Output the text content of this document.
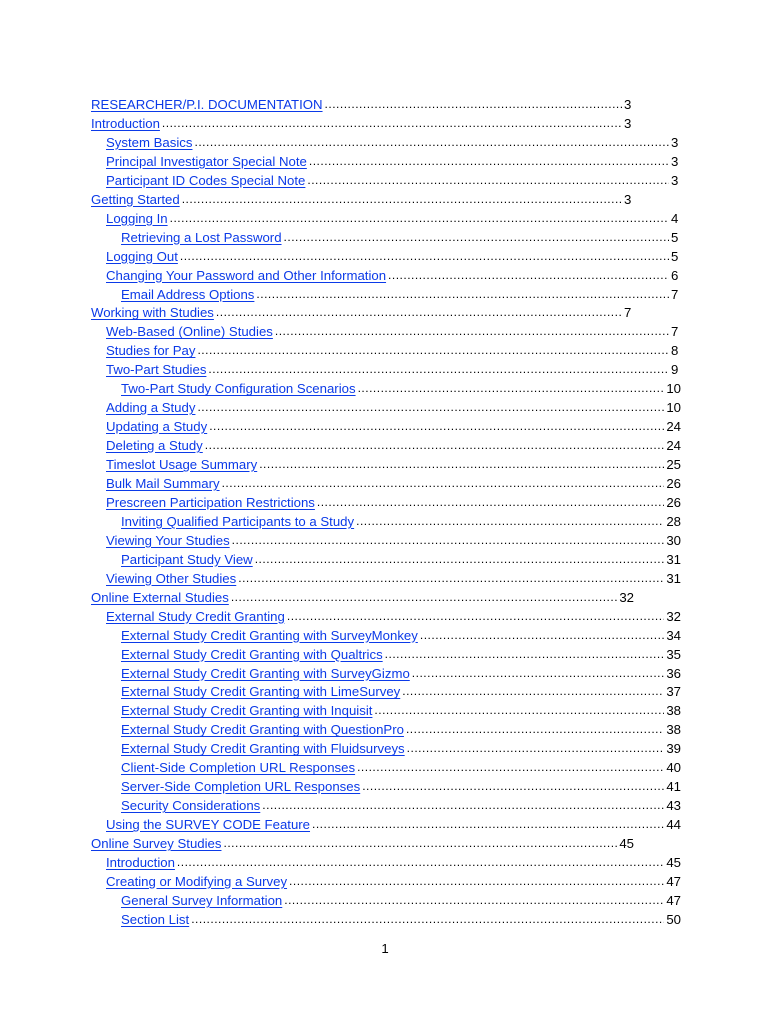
RESEARCHER/P.I. DOCUMENTATION .....	3
Introduction .....	3
System Basics .....	3
Principal Investigator Special Note .....	3
Participant ID Codes Special Note .....	3
Getting Started .....	3
Logging In .....	4
Retrieving a Lost Password .....	5
Logging Out .....	5
Changing Your Password and Other Information .....	6
Email Address Options .....	7
Working with Studies .....	7
Web-Based (Online) Studies .....	7
Studies for Pay .....	8
Two-Part Studies .....	9
Two-Part Study Configuration Scenarios .....	10
Adding a Study .....	10
Updating a Study .....	24
Deleting a Study .....	24
Timeslot Usage Summary .....	25
Bulk Mail Summary .....	26
Prescreen Participation Restrictions .....	26
Inviting Qualified Participants to a Study .....	28
Viewing Your Studies .....	30
Participant Study View .....	31
Viewing Other Studies .....	31
Online External Studies .....	32
External Study Credit Granting .....	32
External Study Credit Granting with SurveyMonkey .....	34
External Study Credit Granting with Qualtrics .....	35
External Study Credit Granting with SurveyGizmo .....	36
External Study Credit Granting with LimeSurvey .....	37
External Study Credit Granting with Inquisit .....	38
External Study Credit Granting with QuestionPro .....	38
External Study Credit Granting with Fluidsurveys .....	39
Client-Side Completion URL Responses .....	40
Server-Side Completion URL Responses .....	41
Security Considerations .....	43
Using the SURVEY CODE Feature .....	44
Online Survey Studies .....	45
Introduction .....	45
Creating or Modifying a Survey .....	47
General Survey Information .....	47
Section List .....	50
1
